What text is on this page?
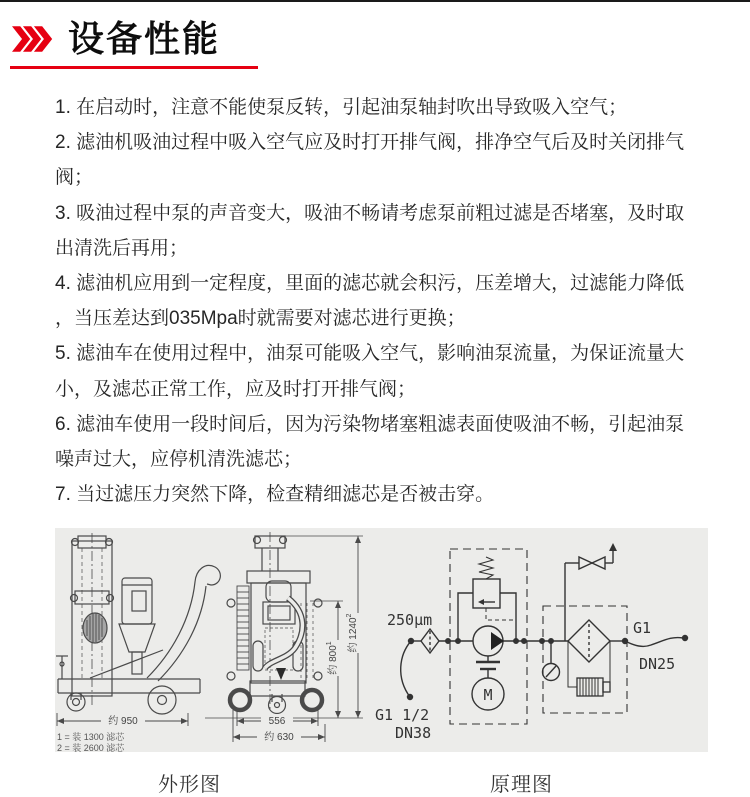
设备性能

1. 在启动时，注意不能使泵反转，引起油泵轴封吹出导致吸入空气；

2. 滤油机吸油过程中吸入空气应及时打开排气阀，排净空气后及时关闭排气阀；

3. 吸油过程中泵的声音变大，吸油不畅请考虑泵前粗过滤是否堵塞，及时取出清洗后再用；

4. 滤油机应用到一定程度，里面的滤芯就会积污，压差增大，过滤能力降低，当压差达到035Mpa时就需要对滤芯进行更换；

5. 滤油车在使用过程中，油泵可能吸入空气，影响油泵流量，为保证流量大小，及滤芯正常工作，应及时打开排气阀；

6. 滤油车使用一段时间后，因为污染物堵塞粗滤表面使吸油不畅，引起油泵噪声过大，应停机清洗滤芯；

7. 当过滤压力突然下降，检查精细滤芯是否被击穿。

约 950
1 = 装 1300 滤芯
2 = 装 2600 滤芯
556
约 630
约 $800^1$	约 1240$^2$
M
250μm
G1 1/2
DN38
G1
DN25
外形图	原理图
